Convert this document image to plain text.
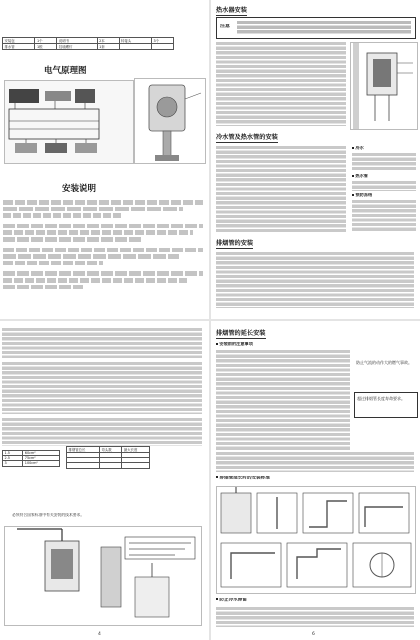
安装包	1个	说明书	2本	转接头	3个
排水管	1根	挂墙螺钉	1套		
电气原理图
安装说明
热水器安装
注意
冷水管及热水管的安装
冷水
热水管
预防冻结
排烟管的安装
1.5	60cm²
2.5	75cm²
3	100cm²
排烟管总长	弯头数	最大长度

必须符合国家标准中有关安装的技术要求。
4
排烟管的延长安装
安装前的注意事项
防止气流的动作大的燃气事故。
超过排烟管长度寿命要求。
排烟管延长时的安装标准
防止冷水滞留
6
